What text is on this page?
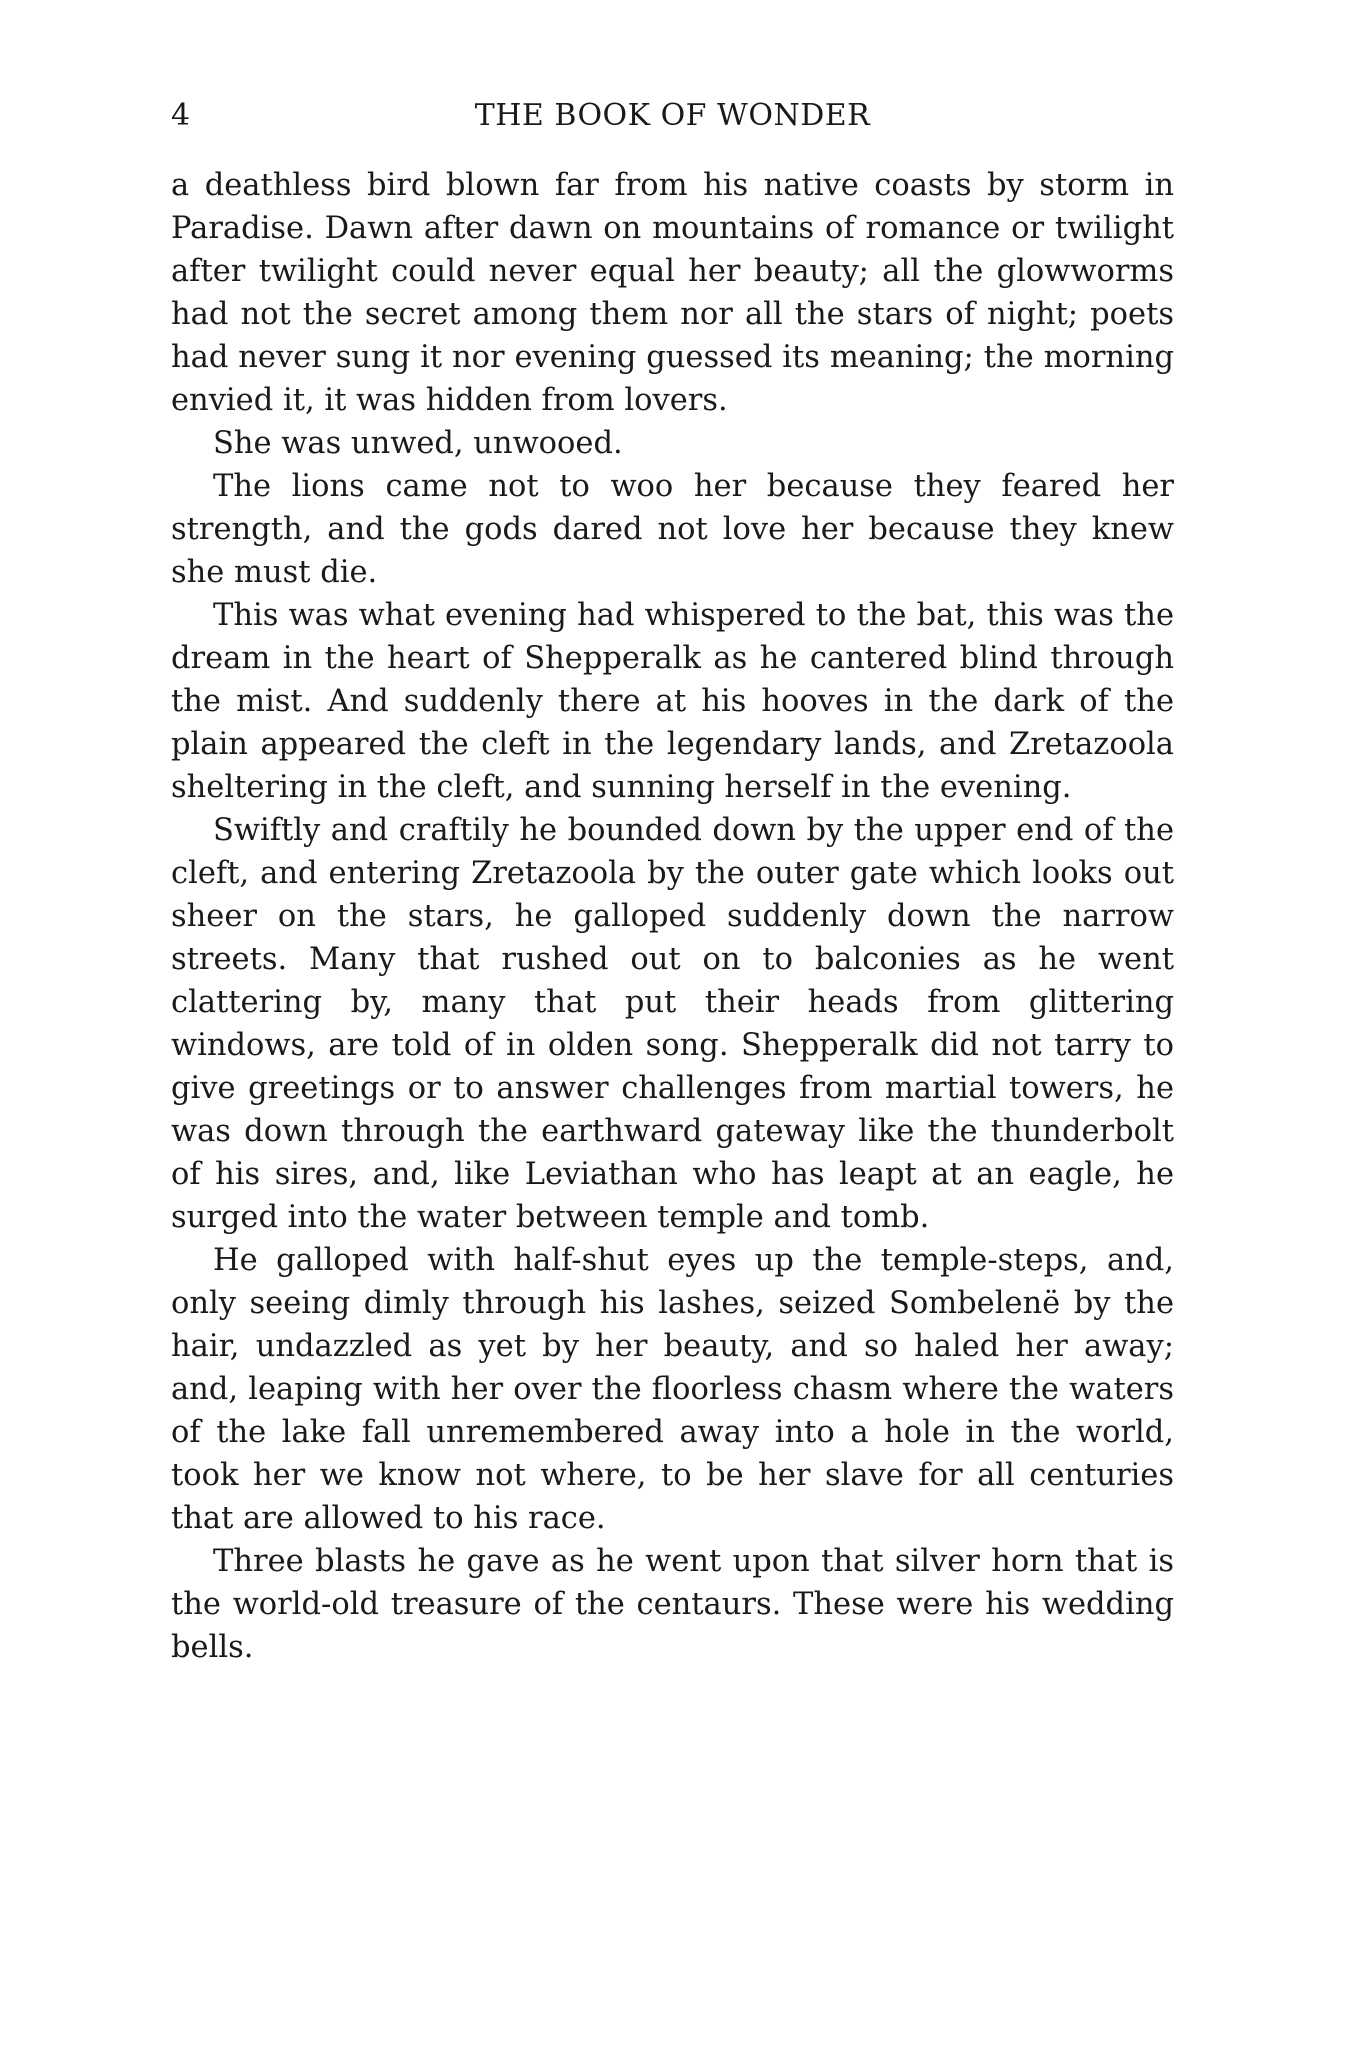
4	THE BOOK OF WONDER

a deathless bird blown far from his native coasts by storm in Paradise. Dawn after dawn on mountains of romance or twilight after twilight could never equal her beauty; all the glowworms had not the secret among them nor all the stars of night; poets had never sung it nor evening guessed its meaning; the morning envied it, it was hidden from lovers.

She was unwed, unwooed.

The lions came not to woo her because they feared her strength, and the gods dared not love her because they knew she must die.

This was what evening had whispered to the bat, this was the dream in the heart of Shepperalk as he cantered blind through the mist. And suddenly there at his hooves in the dark of the plain appeared the cleft in the legendary lands, and Zretazoola sheltering in the cleft, and sunning herself in the evening.

Swiftly and craftily he bounded down by the upper end of the cleft, and entering Zretazoola by the outer gate which looks out sheer on the stars, he galloped suddenly down the narrow streets. Many that rushed out on to balconies as he went clattering by, many that put their heads from glittering windows, are told of in olden song. Shepperalk did not tarry to give greetings or to answer challenges from martial towers, he was down through the earthward gateway like the thunderbolt of his sires, and, like Leviathan who has leapt at an eagle, he surged into the water between temple and tomb.

He galloped with half-shut eyes up the temple-steps, and, only seeing dimly through his lashes, seized Sombelenë by the hair, undazzled as yet by her beauty, and so haled her away; and, leaping with her over the floorless chasm where the waters of the lake fall unremembered away into a hole in the world, took her we know not where, to be her slave for all centuries that are allowed to his race.

Three blasts he gave as he went upon that silver horn that is the world-old treasure of the centaurs. These were his wedding bells.
